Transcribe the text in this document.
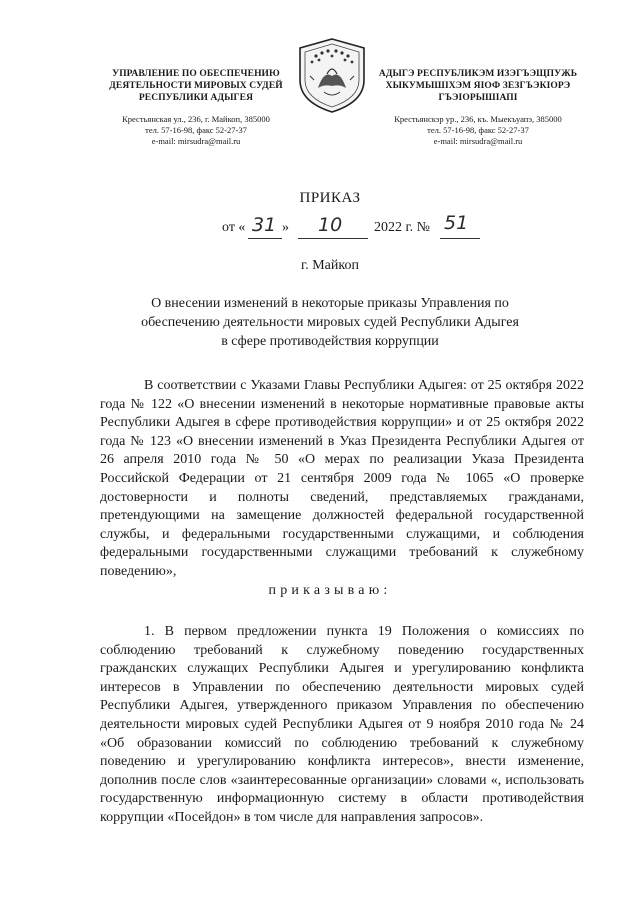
УПРАВЛЕНИЕ ПО ОБЕСПЕЧЕНИЮ
ДЕЯТЕЛЬНОСТИ МИРОВЫХ СУДЕЙ
РЕСПУБЛИКИ АДЫГЕЯ
Крестьянская ул., 236, г. Майкоп, 385000
тел. 57-16-98, факс 52-27-37
e-mail: mirsudra@mail.ru
АДЫГЭ РЕСПУБЛИКЭМ ИЗЭГЪЭЩПУЖЬ
ХЫКУМЫШІХЭМ ЯІОФ ЗЕЗГЪЭКІОРЭ
ГЪЭІОРЫШІАПІ
Крестьянскэр ур., 236, къ. Мыекъуапэ, 385000
тел. 57-16-98, факс 52-27-37
e-mail: mirsudra@mail.ru
ПРИКАЗ
от « 31 » 10 2022 г. № 51
г. Майкоп
О внесении изменений в некоторые приказы Управления по
обеспечению деятельности мировых судей Республики Адыгея
в сфере противодействия коррупции
В соответствии с Указами Главы Республики Адыгея: от 25 октября 2022 года № 122 «О внесении изменений в некоторые нормативные правовые акты Республики Адыгея в сфере противодействия коррупции» и от 25 октября 2022 года № 123 «О внесении изменений в Указ Президента Республики Адыгея от 26 апреля 2010 года № 50 «О мерах по реализации Указа Президента Российской Федерации от 21 сентября 2009 года № 1065 «О проверке достоверности и полноты сведений, представляемых гражданами, претендующими на замещение должностей федеральной государственной службы, и федеральными государственными служащими, и соблюдения федеральными государственными служащими требований к служебному поведению»,
приказываю:
1. В первом предложении пункта 19 Положения о комиссиях по соблюдению требований к служебному поведению государственных гражданских служащих Республики Адыгея и урегулированию конфликта интересов в Управлении по обеспечению деятельности мировых судей Республики Адыгея, утвержденного приказом Управления по обеспечению деятельности мировых судей Республики Адыгея от 9 ноября 2010 года № 24 «Об образовании комиссий по соблюдению требований к служебному поведению и урегулированию конфликта интересов», внести изменение, дополнив после слов «заинтересованные организации» словами «, использовать государственную информационную систему в области противодействия коррупции «Посейдон» в том числе для направления запросов».
